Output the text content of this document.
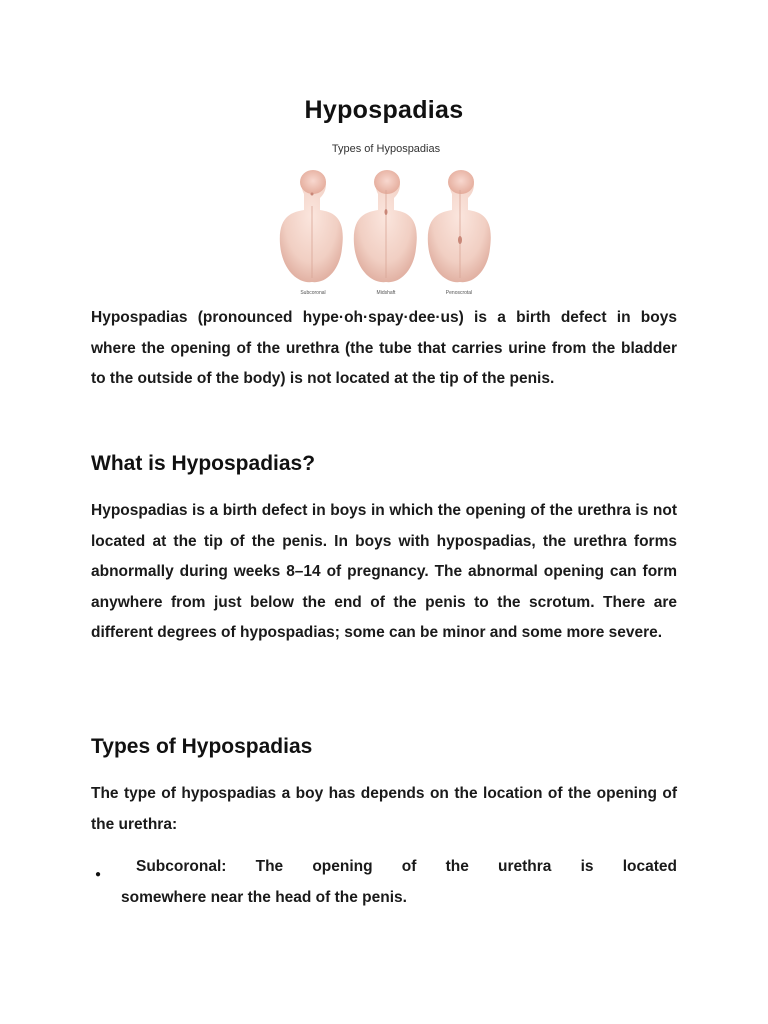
Hypospadias
Types of Hypospadias
Subcoronal	Midshaft	Penoscrotal

Hypospadias (pronounced hype·oh·spay·dee·us) is a birth defect in boys where the opening of the urethra (the tube that carries urine from the bladder to the outside of the body) is not located at the tip of the penis.

What is Hypospadias?

Hypospadias is a birth defect in boys in which the opening of the urethra is not located at the tip of the penis. In boys with hypospadias, the urethra forms abnormally during weeks 8–14 of pregnancy. The abnormal opening can form anywhere from just below the end of the penis to the scrotum. There are different degrees of hypospadias; some can be minor and some more severe.

Types of Hypospadias

The type of hypospadias a boy has depends on the location of the opening of the urethra:

●	Subcoronal: The opening of the urethra is located
somewhere near the head of the penis.
